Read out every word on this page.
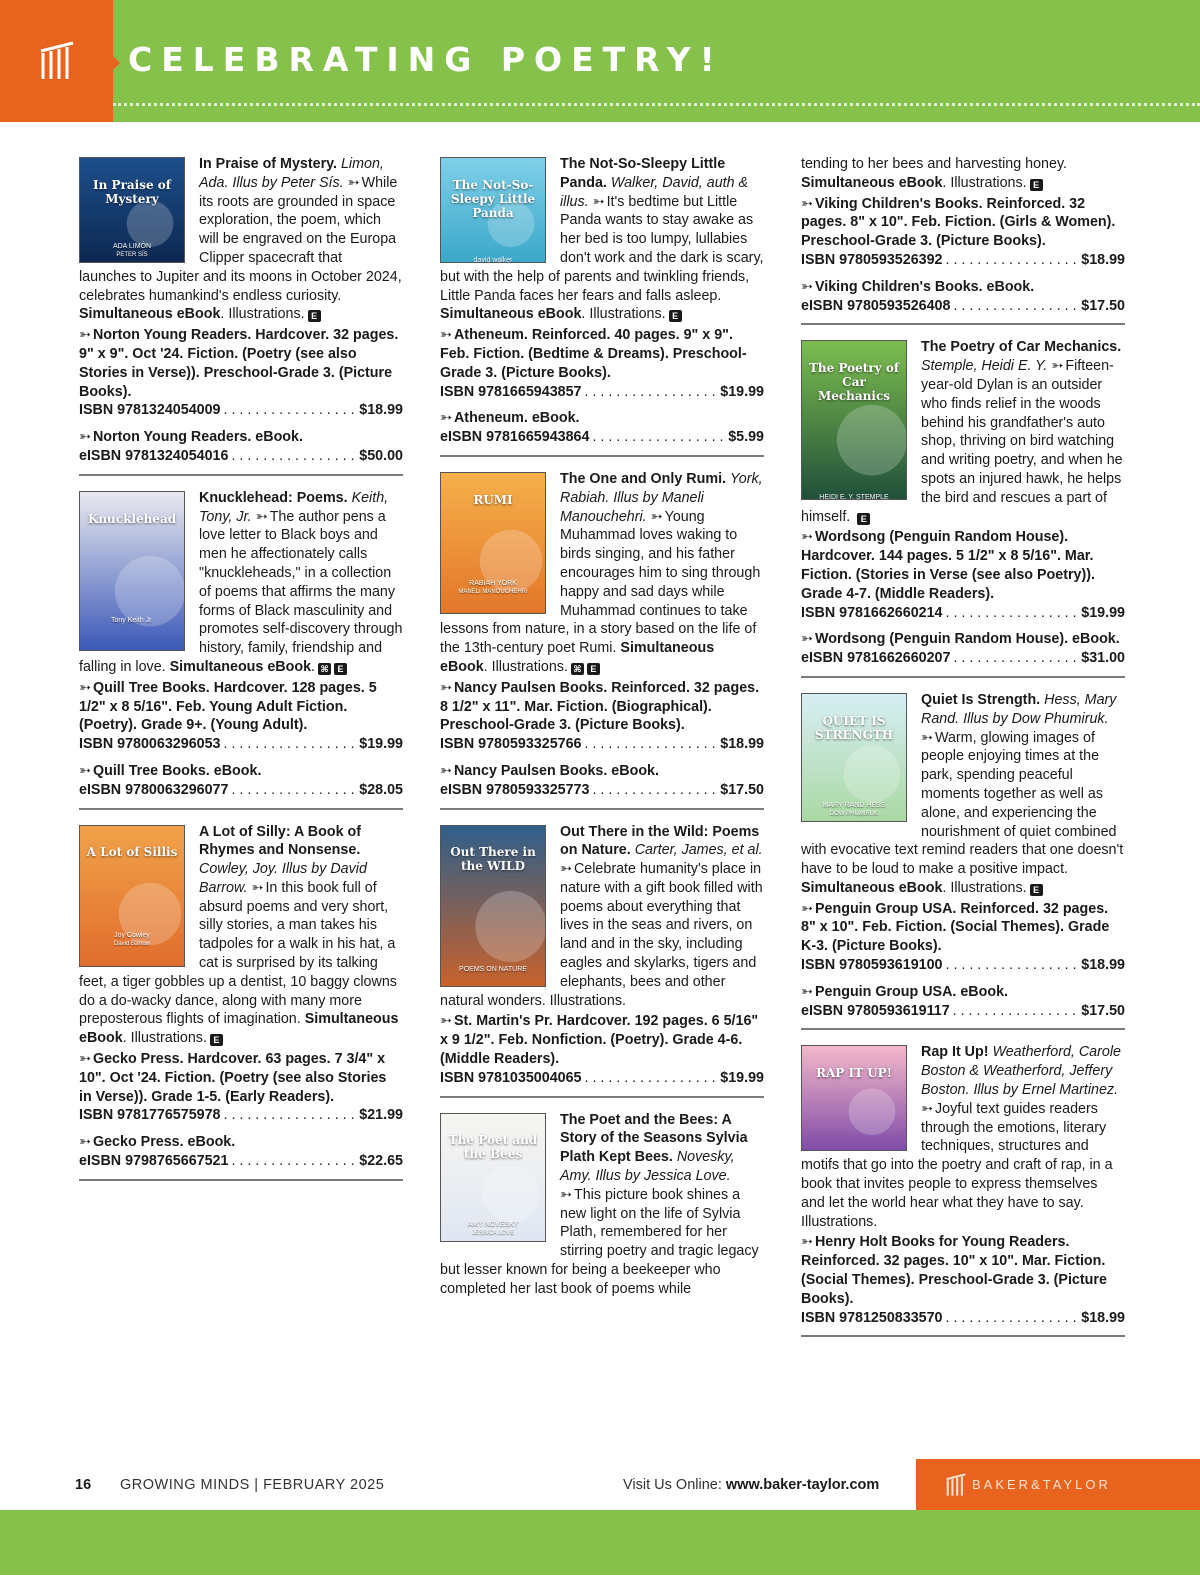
CELEBRATING POETRY!
In Praise of Mystery
ADA LIMÓN
PETER SÍS
In Praise of Mystery. Limon, Ada. Illus by Peter Sís. ➳ While its roots are grounded in space exploration, the poem, which will be engraved on the Europa Clipper spacecraft that launches to Jupiter and its moons in October 2024, celebrates humankind's endless curiosity. Simultaneous eBook. Illustrations. E
➳ Norton Young Readers. Hardcover. 32 pages. 9" x 9". Oct '24. Fiction. (Poetry (see also Stories in Verse)). Preschool-Grade 3. (Picture Books).
ISBN 9781324054009 . . .	$18.99
➳ Norton Young Readers. eBook.
eISBN 9781324054016 . . .	$50.00
Knucklehead
Tony Keith Jr.
Knucklehead: Poems. Keith, Tony, Jr. ➳ The author pens a love letter to Black boys and men he affectionately calls "knuckleheads," in a collection of poems that affirms the many forms of Black masculinity and promotes self-discovery through history, family, friendship and falling in love. Simultaneous eBook. ⌘ E
➳ Quill Tree Books. Hardcover. 128 pages. 5 1/2" x 8 5/16". Feb. Young Adult Fiction. (Poetry). Grade 9+. (Young Adult).
ISBN 9780063296053 . . .	$19.99
➳ Quill Tree Books. eBook.
eISBN 9780063296077 . . .	$28.05
A Lot of Sillis
Joy Cowley
David Barrow
A Lot of Silly: A Book of Rhymes and Nonsense. Cowley, Joy. Illus by David Barrow. ➳ In this book full of absurd poems and very short, silly stories, a man takes his tadpoles for a walk in his hat, a cat is surprised by its talking feet, a tiger gobbles up a dentist, 10 baggy clowns do a do-wacky dance, along with many more preposterous flights of imagination. Simultaneous eBook. Illustrations. E
➳ Gecko Press. Hardcover. 63 pages. 7 3/4" x 10". Oct '24. Fiction. (Poetry (see also Stories in Verse)). Grade 1-5. (Early Readers).
ISBN 9781776575978 . . .	$21.99
➳ Gecko Press. eBook.
eISBN 9798765667521 . . .	$22.65
The Not-So-Sleepy Little Panda
david walker
The Not-So-Sleepy Little Panda. Walker, David, auth & illus. ➳ It's bedtime but Little Panda wants to stay awake as her bed is too lumpy, lullabies don't work and the dark is scary, but with the help of parents and twinkling friends, Little Panda faces her fears and falls asleep. Simultaneous eBook. Illustrations. E
➳ Atheneum. Reinforced. 40 pages. 9" x 9". Feb. Fiction. (Bedtime & Dreams). Preschool-Grade 3. (Picture Books).
ISBN 9781665943857 . . .	$19.99
➳ Atheneum. eBook.
eISBN 9781665943864 . . .	$5.99
RUMI
RABIAH YORK
MANELI MANOUCHEHRI
The One and Only Rumi. York, Rabiah. Illus by Maneli Manouchehri. ➳ Young Muhammad loves waking to birds singing, and his father encourages him to sing through happy and sad days while Muhammad continues to take lessons from nature, in a story based on the life of the 13th-century poet Rumi. Simultaneous eBook. Illustrations. ⌘ E
➳ Nancy Paulsen Books. Reinforced. 32 pages. 8 1/2" x 11". Mar. Fiction. (Biographical). Preschool-Grade 3. (Picture Books).
ISBN 9780593325766 . . .	$18.99
➳ Nancy Paulsen Books. eBook.
eISBN 9780593325773 . . .	$17.50
Out There in the WILD
POEMS ON NATURE
Out There in the Wild: Poems on Nature. Carter, James, et al. ➳ Celebrate humanity's place in nature with a gift book filled with poems about everything that lives in the seas and rivers, on land and in the sky, including eagles and skylarks, tigers and elephants, bees and other natural wonders. Illustrations.
➳ St. Martin's Pr. Hardcover. 192 pages. 6 5/16" x 9 1/2". Feb. Nonfiction. (Poetry). Grade 4-6. (Middle Readers).
ISBN 9781035004065 . . .	$19.99
The Poet and the Bees
AMY NOVESKY
JESSICA LOVE
The Poet and the Bees: A Story of the Seasons Sylvia Plath Kept Bees. Novesky, Amy. Illus by Jessica Love. ➳ This picture book shines a new light on the life of Sylvia Plath, remembered for her stirring poetry and tragic legacy but lesser known for being a beekeeper who completed her last book of poems while
tending to her bees and harvesting honey. Simultaneous eBook. Illustrations. E
➳ Viking Children's Books. Reinforced. 32 pages. 8" x 10". Feb. Fiction. (Girls & Women). Preschool-Grade 3. (Picture Books).
ISBN 9780593526392 . . .	$18.99
➳ Viking Children's Books. eBook.
eISBN 9780593526408 . . .	$17.50
The Poetry of Car Mechanics
HEIDI E. Y. STEMPLE
The Poetry of Car Mechanics. Stemple, Heidi E. Y. ➳ Fifteen-year-old Dylan is an outsider who finds relief in the woods behind his grandfather's auto shop, thriving on bird watching and writing poetry, and when he spots an injured hawk, he helps the bird and rescues a part of himself. E
➳ Wordsong (Penguin Random House). Hardcover. 144 pages. 5 1/2" x 8 5/16". Mar. Fiction. (Stories in Verse (see also Poetry)). Grade 4-7. (Middle Readers).
ISBN 9781662660214 . . .	$19.99
➳ Wordsong (Penguin Random House). eBook.
eISBN 9781662660207 . . .	$31.00
QUIET IS STRENGTH
MARY RAND HESS
DOW PHUMIRUK
Quiet Is Strength. Hess, Mary Rand. Illus by Dow Phumiruk. ➳ Warm, glowing images of people enjoying times at the park, spending peaceful moments together as well as alone, and experiencing the nourishment of quiet combined with evocative text remind readers that one doesn't have to be loud to make a positive impact. Simultaneous eBook. Illustrations. E
➳ Penguin Group USA. Reinforced. 32 pages. 8" x 10". Feb. Fiction. (Social Themes). Grade K-3. (Picture Books).
ISBN 9780593619100 . . .	$18.99
➳ Penguin Group USA. eBook.
eISBN 9780593619117 . . .	$17.50
RAP IT UP!
Rap It Up! Weatherford, Carole Boston & Weatherford, Jeffery Boston. Illus by Ernel Martinez. ➳ Joyful text guides readers through the emotions, literary techniques, structures and motifs that go into the poetry and craft of rap, in a book that invites people to express themselves and let the world hear what they have to say. Illustrations.
➳ Henry Holt Books for Young Readers. Reinforced. 32 pages. 10" x 10". Mar. Fiction. (Social Themes). Preschool-Grade 3. (Picture Books).
ISBN 9781250833570 . . .	$18.99
16 GROWING MINDS | FEBRUARY 2025	Visit Us Online: www.baker-taylor.com	BAKER&TAYLOR
